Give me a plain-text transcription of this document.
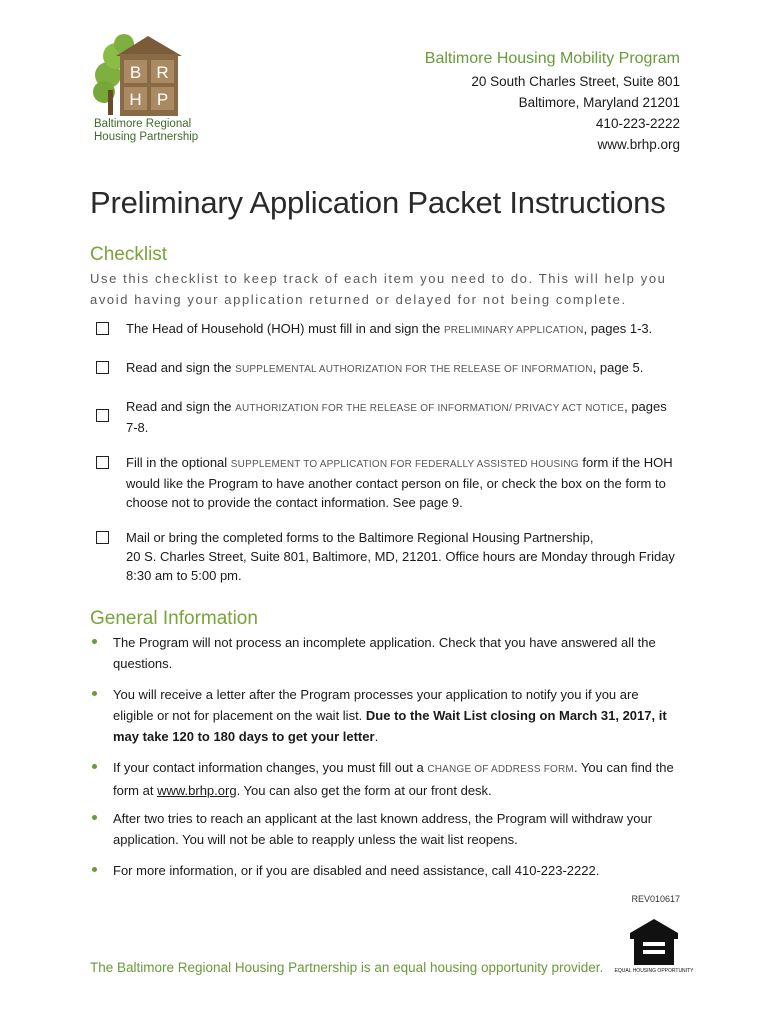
B R
H P
Baltimore Regional
Housing Partnership
Baltimore Housing Mobility Program
20 South Charles Street, Suite 801
Baltimore, Maryland 21201
410-223-2222
www.brhp.org
Preliminary Application Packet Instructions
Checklist
Use this checklist to keep track of each item you need to do. This will help you avoid having your application returned or delayed for not being complete.
The Head of Household (HOH) must fill in and sign the PRELIMINARY APPLICATION, pages 1-3.
Read and sign the SUPPLEMENTAL AUTHORIZATION FOR THE RELEASE OF INFORMATION, page 5.
Read and sign the AUTHORIZATION FOR THE RELEASE OF INFORMATION/ PRIVACY ACT NOTICE, pages 7-8.
Fill in the optional SUPPLEMENT TO APPLICATION FOR FEDERALLY ASSISTED HOUSING form if the HOH would like the Program to have another contact person on file, or check the box on the form to choose not to provide the contact information. See page 9.
Mail or bring the completed forms to the Baltimore Regional Housing Partnership,
20 S. Charles Street, Suite 801, Baltimore, MD, 21201. Office hours are Monday through Friday 8:30 am to 5:00 pm.
General Information
The Program will not process an incomplete application. Check that you have answered all the questions.
You will receive a letter after the Program processes your application to notify you if you are eligible or not for placement on the wait list. Due to the Wait List closing on March 31, 2017, it may take 120 to 180 days to get your letter.
If your contact information changes, you must fill out a CHANGE OF ADDRESS FORM. You can find the form at www.brhp.org. You can also get the form at our front desk.
After two tries to reach an applicant at the last known address, the Program will withdraw your application. You will not be able to reapply unless the wait list reopens.
For more information, or if you are disabled and need assistance, call 410-223-2222.
REV010617
EQUAL HOUSING OPPORTUNITY
The Baltimore Regional Housing Partnership is an equal housing opportunity provider.
